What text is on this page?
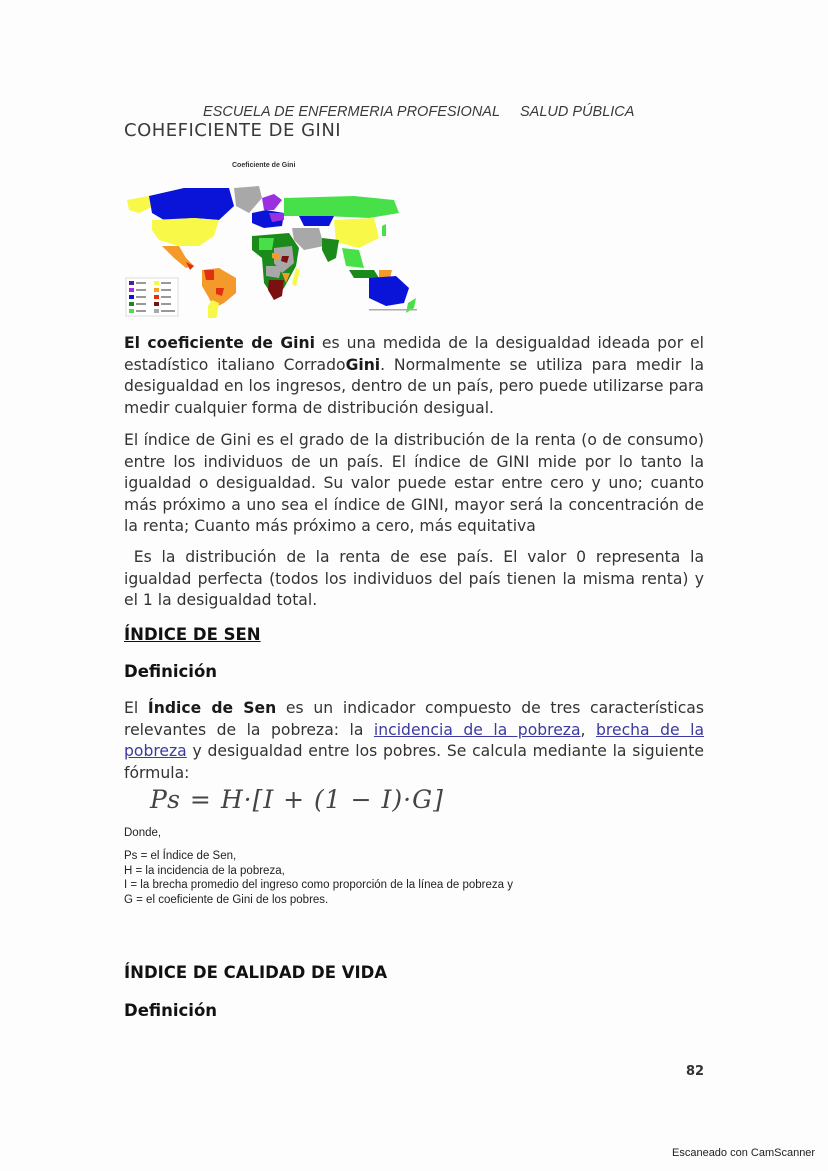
ESCUELA DE ENFERMERIA PROFESIONAL SALUD PÚBLICA
COHEFICIENTE DE GINI
Coeficiente de Gini

El coeficiente de Gini es una medida de la desigualdad ideada por el estadístico italiano CorradoGini. Normalmente se utiliza para medir la desigualdad en los ingresos, dentro de un país, pero puede utilizarse para medir cualquier forma de distribución desigual.

El índice de Gini es el grado de la distribución de la renta (o de consumo) entre los individuos de un país. El índice de GINI mide por lo tanto la igualdad o desigualdad. Su valor puede estar entre cero y uno; cuanto más próximo a uno sea el índice de GINI, mayor será la concentración de la renta; Cuanto más próximo a cero, más equitativa

Es la distribución de la renta de ese país. El valor 0 representa la igualdad perfecta (todos los individuos del país tienen la misma renta) y el 1 la desigualdad total.

ÍNDICE DE SEN
Definición

El Índice de Sen es un indicador compuesto de tres características relevantes de la pobreza: la incidencia de la pobreza, brecha de la pobreza y desigualdad entre los pobres. Se calcula mediante la siguiente fórmula:

Ps = H·[I + (1 − I)·G]
Donde,
Ps = el Índice de Sen,
H = la incidencia de la pobreza,
I = la brecha promedio del ingreso como proporción de la línea de pobreza y
G = el coeficiente de Gini de los pobres.
ÍNDICE DE CALIDAD DE VIDA
Definición
82
Escaneado con CamScanner
